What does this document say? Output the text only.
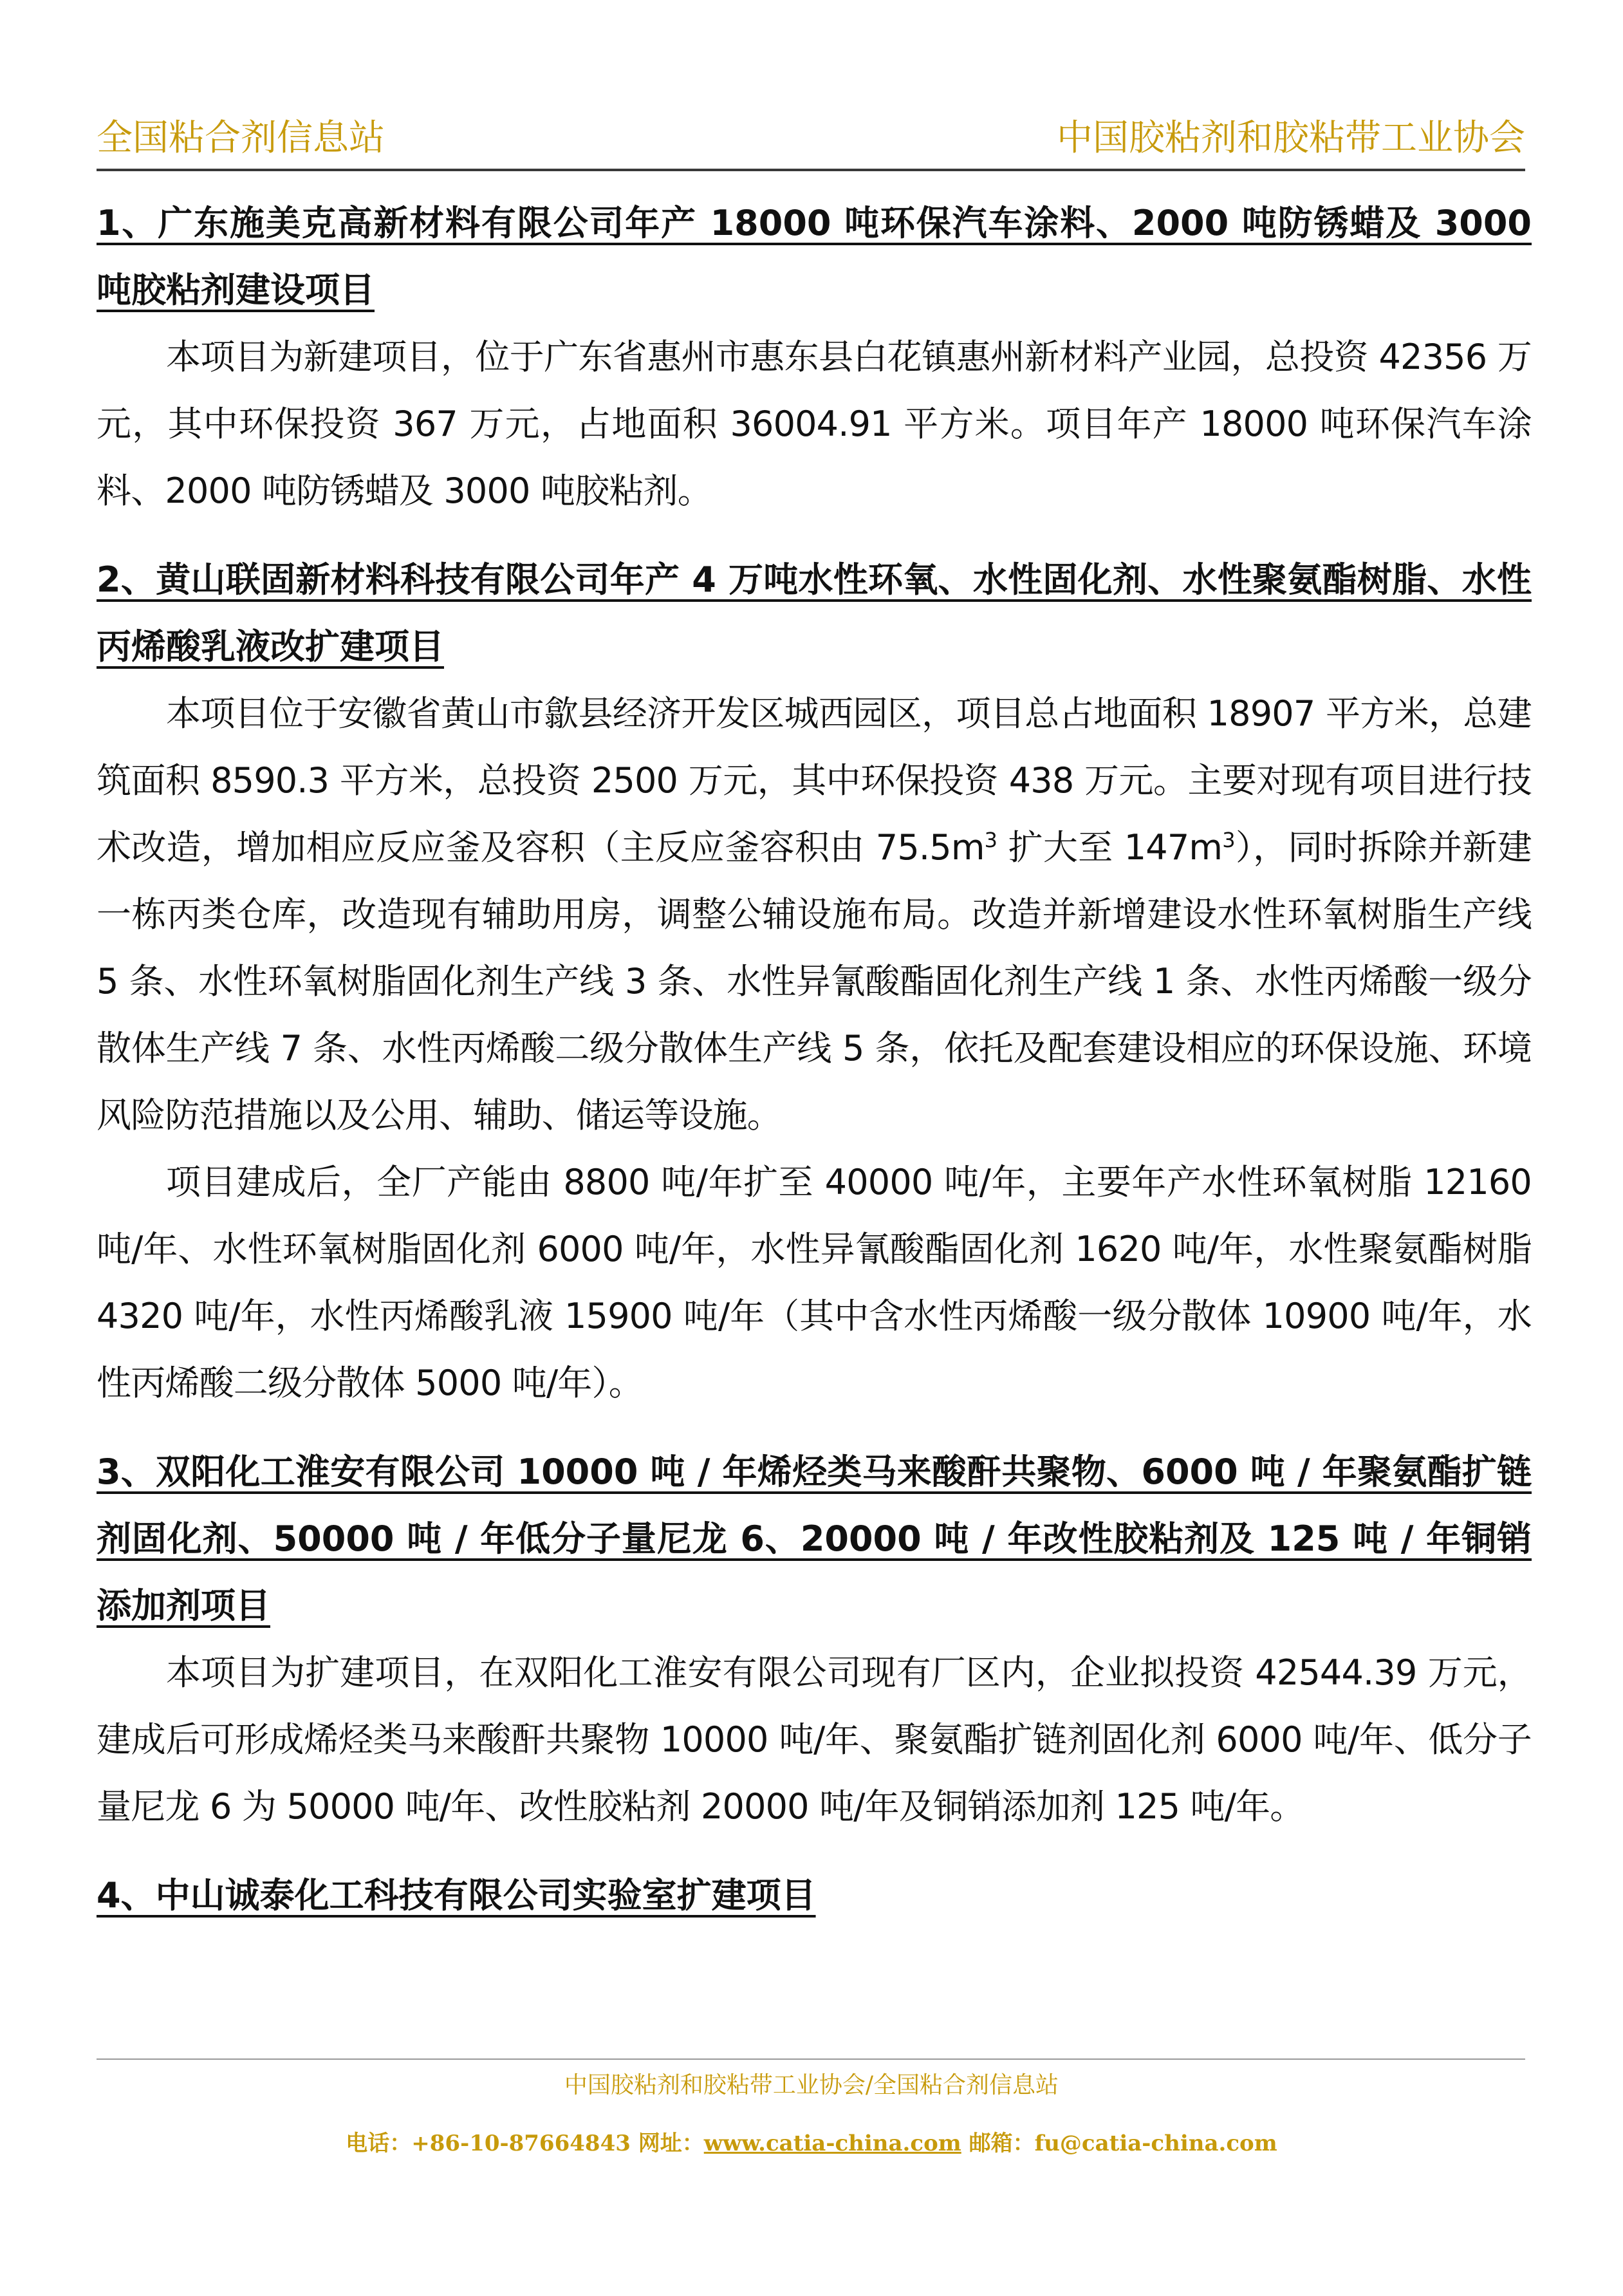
全国粘合剂信息站	中国胶粘剂和胶粘带工业协会

1、广东施美克高新材料有限公司年产 18000 吨环保汽车涂料、2000 吨防锈蜡及 3000 吨胶粘剂建设项目

本项目为新建项目，位于广东省惠州市惠东县白花镇惠州新材料产业园，总投资 42356 万元，其中环保投资 367 万元，占地面积 36004.91 平方米。项目年产 18000 吨环保汽车涂料、2000 吨防锈蜡及 3000 吨胶粘剂。

2、黄山联固新材料科技有限公司年产 4 万吨水性环氧、水性固化剂、水性聚氨酯树脂、水性丙烯酸乳液改扩建项目

本项目位于安徽省黄山市歙县经济开发区城西园区，项目总占地面积 18907 平方米，总建筑面积 8590.3 平方米，总投资 2500 万元，其中环保投资 438 万元。主要对现有项目进行技术改造，增加相应反应釜及容积（主反应釜容积由 $75.5m^3$ 扩大至 $147m^3$），同时拆除并新建一栋丙类仓库，改造现有辅助用房，调整公辅设施布局。改造并新增建设水性环氧树脂生产线 5 条、水性环氧树脂固化剂生产线 3 条、水性异氰酸酯固化剂生产线 1 条、水性丙烯酸一级分散体生产线 7 条、水性丙烯酸二级分散体生产线 5 条，依托及配套建设相应的环保设施、环境风险防范措施以及公用、辅助、储运等设施。

项目建成后，全厂产能由 8800 吨/年扩至 40000 吨/年，主要年产水性环氧树脂 12160 吨/年、水性环氧树脂固化剂 6000 吨/年，水性异氰酸酯固化剂 1620 吨/年，水性聚氨酯树脂 4320 吨/年，水性丙烯酸乳液 15900 吨/年（其中含水性丙烯酸一级分散体 10900 吨/年，水性丙烯酸二级分散体 5000 吨/年）。

3、双阳化工淮安有限公司 10000 吨 / 年烯烃类马来酸酐共聚物、6000 吨 / 年聚氨酯扩链剂固化剂、50000 吨 / 年低分子量尼龙 6、20000 吨 / 年改性胶粘剂及 125 吨 / 年铜销添加剂项目

本项目为扩建项目，在双阳化工淮安有限公司现有厂区内，企业拟投资 42544.39 万元，建成后可形成烯烃类马来酸酐共聚物 10000 吨/年、聚氨酯扩链剂固化剂 6000 吨/年、低分子量尼龙 6 为 50000 吨/年、改性胶粘剂 20000 吨/年及铜销添加剂 125 吨/年。

4、中山诚泰化工科技有限公司实验室扩建项目

中国胶粘剂和胶粘带工业协会/全国粘合剂信息站
电话：+86-10-87664843 网址：www.catia-china.com 邮箱：fu@catia-china.com
